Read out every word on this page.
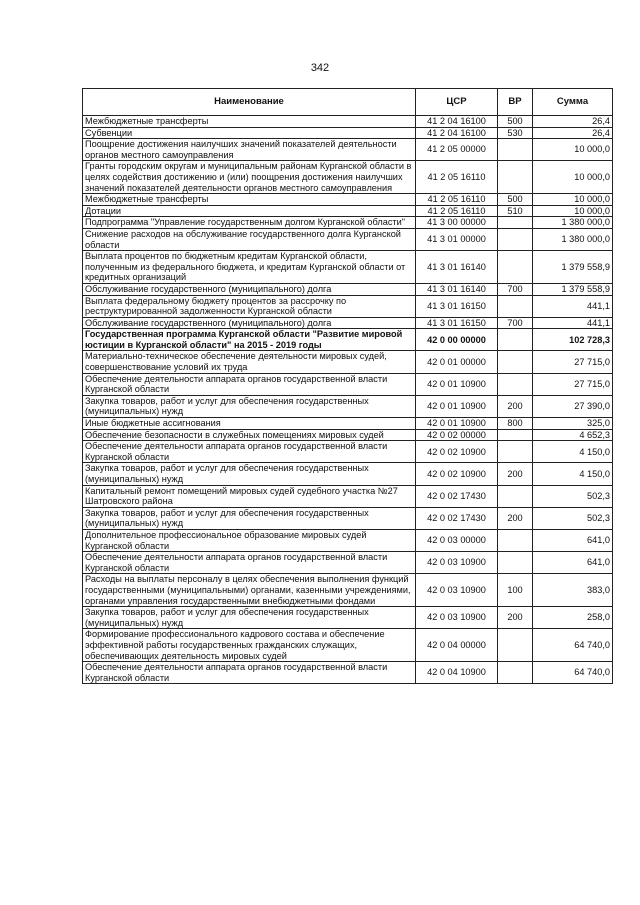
342
Наименование	ЦСР	ВР	Сумма
Межбюджетные трансферты	41 2 04 16100	500	26,4
Субвенции	41 2 04 16100	530	26,4
Поощрение достижения наилучших значений показателей деятельности органов местного самоуправления	41 2 05 00000		10 000,0
Гранты городским округам и муниципальным районам Курганской области в целях содействия достижению и (или) поощрения достижения наилучших значений показателей деятельности органов местного самоуправления	41 2 05 16110		10 000,0
Межбюджетные трансферты	41 2 05 16110	500	10 000,0
Дотации	41 2 05 16110	510	10 000,0
Подпрограмма "Управление государственным долгом Курганской области"	41 3 00 00000		1 380 000,0
Снижение расходов на обслуживание государственного долга Курганской области	41 3 01 00000		1 380 000,0
Выплата процентов по бюджетным кредитам Курганской области, полученным из федерального бюджета, и кредитам Курганской области от кредитных организаций	41 3 01 16140		1 379 558,9
Обслуживание государственного (муниципального) долга	41 3 01 16140	700	1 379 558,9
Выплата федеральному бюджету процентов за рассрочку по реструктурированной задолженности Курганской области	41 3 01 16150		441,1
Обслуживание государственного (муниципального) долга	41 3 01 16150	700	441,1
Государственная программа Курганской области "Развитие мировой юстиции в Курганской области" на 2015 - 2019 годы	42 0 00 00000		102 728,3
Материально-техническое обеспечение деятельности мировых судей, совершенствование условий их труда	42 0 01 00000		27 715,0
Обеспечение деятельности аппарата органов государственной власти Курганской области	42 0 01 10900		27 715,0
Закупка товаров, работ и услуг для обеспечения государственных (муниципальных) нужд	42 0 01 10900	200	27 390,0
Иные бюджетные ассигнования	42 0 01 10900	800	325,0
Обеспечение безопасности в служебных помещениях мировых судей	42 0 02 00000		4 652,3
Обеспечение деятельности аппарата органов государственной власти Курганской области	42 0 02 10900		4 150,0
Закупка товаров, работ и услуг для обеспечения государственных (муниципальных) нужд	42 0 02 10900	200	4 150,0
Капитальный ремонт помещений мировых судей судебного участка №27 Шатровского района	42 0 02 17430		502,3
Закупка товаров, работ и услуг для обеспечения государственных (муниципальных) нужд	42 0 02 17430	200	502,3
Дополнительное профессиональное образование мировых судей Курганской области	42 0 03 00000		641,0
Обеспечение деятельности аппарата органов государственной власти Курганской области	42 0 03 10900		641,0
Расходы на выплаты персоналу в целях обеспечения выполнения функций государственными (муниципальными) органами, казенными учреждениями, органами управления государственными внебюджетными фондами	42 0 03 10900	100	383,0
Закупка товаров, работ и услуг для обеспечения государственных (муниципальных) нужд	42 0 03 10900	200	258,0
Формирование профессионального кадрового состава и обеспечение эффективной работы государственных гражданских служащих, обеспечивающих деятельность мировых судей	42 0 04 00000		64 740,0
Обеспечение деятельности аппарата органов государственной власти Курганской области	42 0 04 10900		64 740,0
